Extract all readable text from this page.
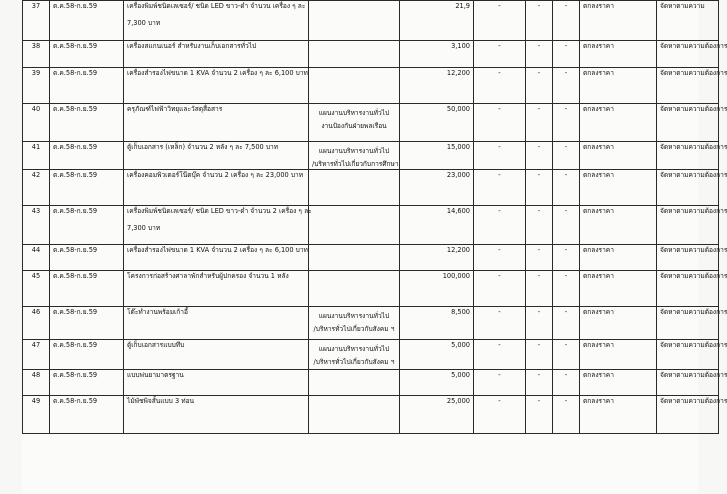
37	ต.ค.58-ก.ย.59	เครื่องพิมพ์ชนิดเลเซอร์/ ชนิด LED ขาว-ดำ จำนวน เครื่อง ๆ ละ
7,300 บาท		21,9	-	-	-	ตกลงราคา	จัดหาตามความ
38	ต.ค.58-ก.ย.59	เครื่องสแกนเนอร์ สำหรับงานเก็บเอกสารทั่วไป		3,100	-	-	-	ตกลงราคา	จัดหาตามความต้องการ
39	ต.ค.58-ก.ย.59	เครื่องสำรองไฟขนาด 1 KVA จำนวน 2 เครื่อง ๆ ละ 6,100 บาท		12,200	-	-	-	ตกลงราคา	จัดหาตามความต้องการ
40	ต.ค.58-ก.ย.59	ครุภัณฑ์ไฟฟ้าวิทยุและวัสดุสื่อสาร	แผนงานบริหารงานทั่วไป
งานป้องกันฝ่ายพลเรือน	50,000	-	-	-	ตกลงราคา	จัดหาตามความต้องการ
41	ต.ค.58-ก.ย.59	ตู้เก็บเอกสาร (เหล็ก) จำนวน 2 หลัง ๆ ละ 7,500 บาท	แผนงานบริหารงานทั่วไป
/บริหารทั่วไปเกี่ยวกับการศึกษา	15,000	-	-	-	ตกลงราคา	จัดหาตามความต้องการ
42	ต.ค.58-ก.ย.59	เครื่องคอมพิวเตอร์โน๊ตบุ๊ค จำนวน 2 เครื่อง ๆ ละ 23,000 บาท		23,000	-	-	-	ตกลงราคา	จัดหาตามความต้องการ
43	ต.ค.58-ก.ย.59	เครื่องพิมพ์ชนิดเลเซอร์/ ชนิด LED ขาว-ดำ จำนวน 2 เครื่อง ๆ ละ
7,300 บาท		14,600	-	-	-	ตกลงราคา	จัดหาตามความต้องการ
44	ต.ค.58-ก.ย.59	เครื่องสำรองไฟขนาด 1 KVA จำนวน 2 เครื่อง ๆ ละ 6,100 บาท		12,200	-	-	-	ตกลงราคา	จัดหาตามความต้องการ
45	ต.ค.58-ก.ย.59	โครงการก่อสร้างศาลาพักสำหรับผู้ปกครอง จำนวน 1 หลัง		100,000	-	-	-	ตกลงราคา	จัดหาตามความต้องการ
46	ต.ค.58-ก.ย.59	โต๊ะทำงานพร้อมเก้าอี้	แผนงานบริหารงานทั่วไป
/บริหารทั่วไปเกี่ยวกับสังคม ฯ	8,500	-	-	-	ตกลงราคา	จัดหาตามความต้องการ
47	ต.ค.58-ก.ย.59	ตู้เก็บเอกสารแบบทึบ	แผนงานบริหารงานทั่วไป
/บริหารทั่วไปเกี่ยวกับสังคม ฯ	5,000	-	-	-	ตกลงราคา	จัดหาตามความต้องการ
48	ต.ค.58-ก.ย.59	แบบพ่นยามาตรฐาน		5,000	-	-	-	ตกลงราคา	จัดหาตามความต้องการ
49	ต.ค.58-ก.ย.59	ไม้พัชพิจสั้นแบบ 3 ท่อน		25,000	-	-	-	ตกลงราคา	จัดหาตามความต้องการ
